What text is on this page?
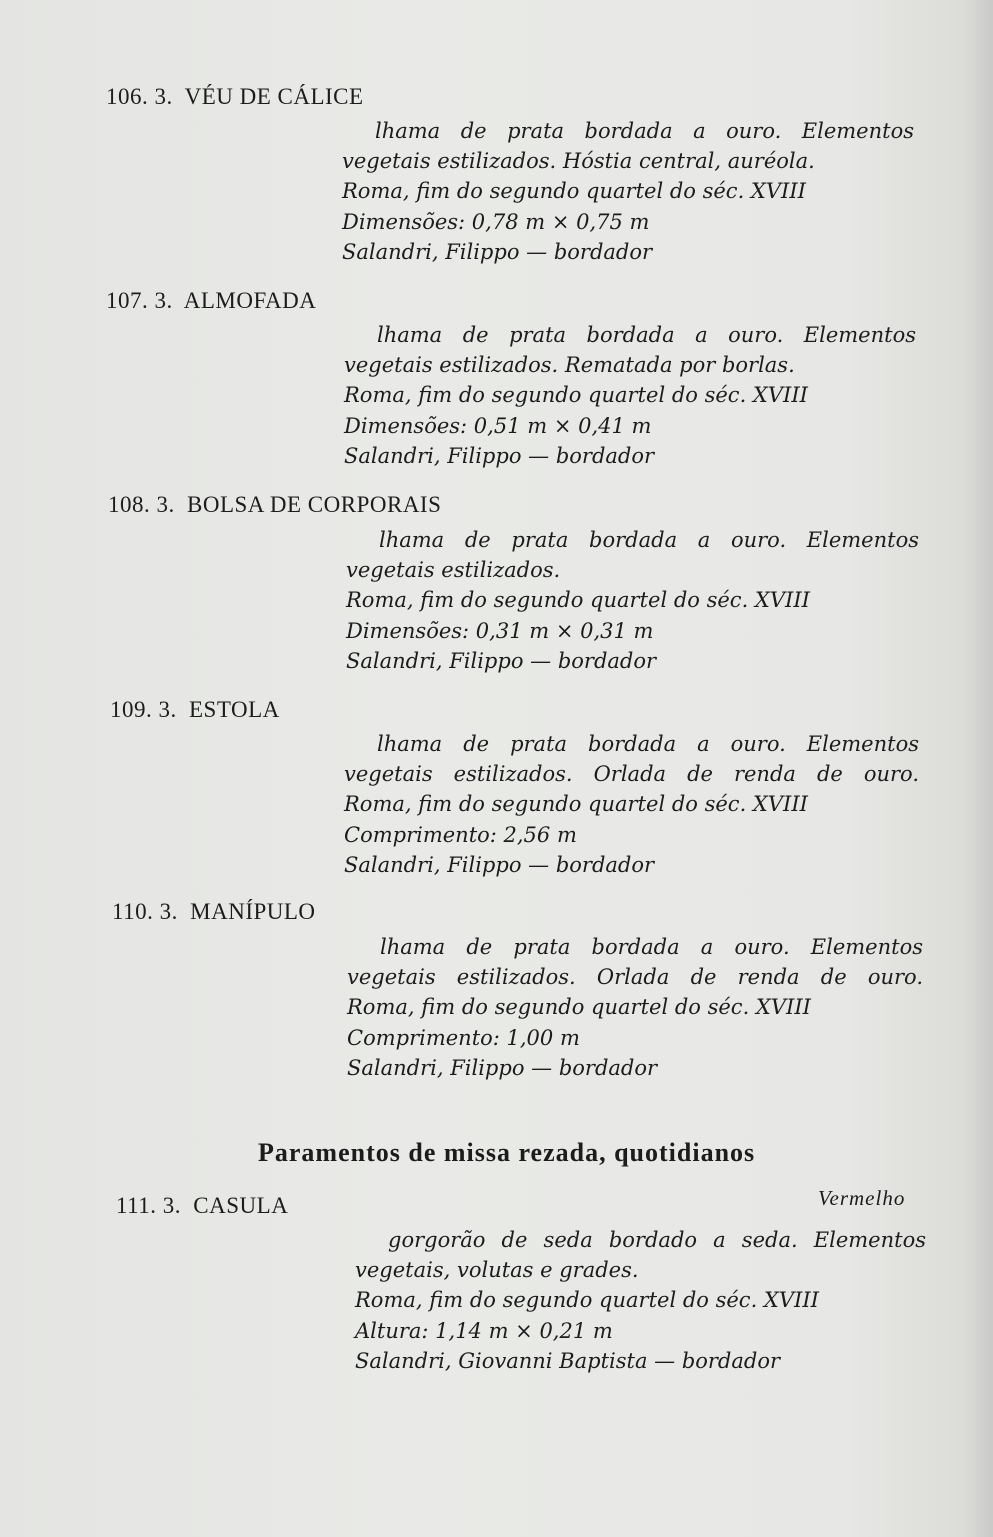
106. 3. VÉU DE CÁLICE
lhama de prata bordada a ouro. Elementos
vegetais estilizados. Hóstia central, auréola.
Roma, fim do segundo quartel do séc. XVIII
Dimensões: 0,78 m × 0,75 m
Salandri, Filippo — bordador
107. 3. ALMOFADA
lhama de prata bordada a ouro. Elementos
vegetais estilizados. Rematada por borlas.
Roma, fim do segundo quartel do séc. XVIII
Dimensões: 0,51 m × 0,41 m
Salandri, Filippo — bordador
108. 3. BOLSA DE CORPORAIS
lhama de prata bordada a ouro. Elementos
vegetais estilizados.
Roma, fim do segundo quartel do séc. XVIII
Dimensões: 0,31 m × 0,31 m
Salandri, Filippo — bordador
109. 3. ESTOLA
lhama de prata bordada a ouro. Elementos
vegetais estilizados. Orlada de renda de ouro.
Roma, fim do segundo quartel do séc. XVIII
Comprimento: 2,56 m
Salandri, Filippo — bordador
110. 3. MANÍPULO
lhama de prata bordada a ouro. Elementos
vegetais estilizados. Orlada de renda de ouro.
Roma, fim do segundo quartel do séc. XVIII
Comprimento: 1,00 m
Salandri, Filippo — bordador
Paramentos de missa rezada, quotidianos
111. 3. CASULA	Vermelho
gorgorão de seda bordado a seda. Elementos
vegetais, volutas e grades.
Roma, fim do segundo quartel do séc. XVIII
Altura: 1,14 m × 0,21 m
Salandri, Giovanni Baptista — bordador
